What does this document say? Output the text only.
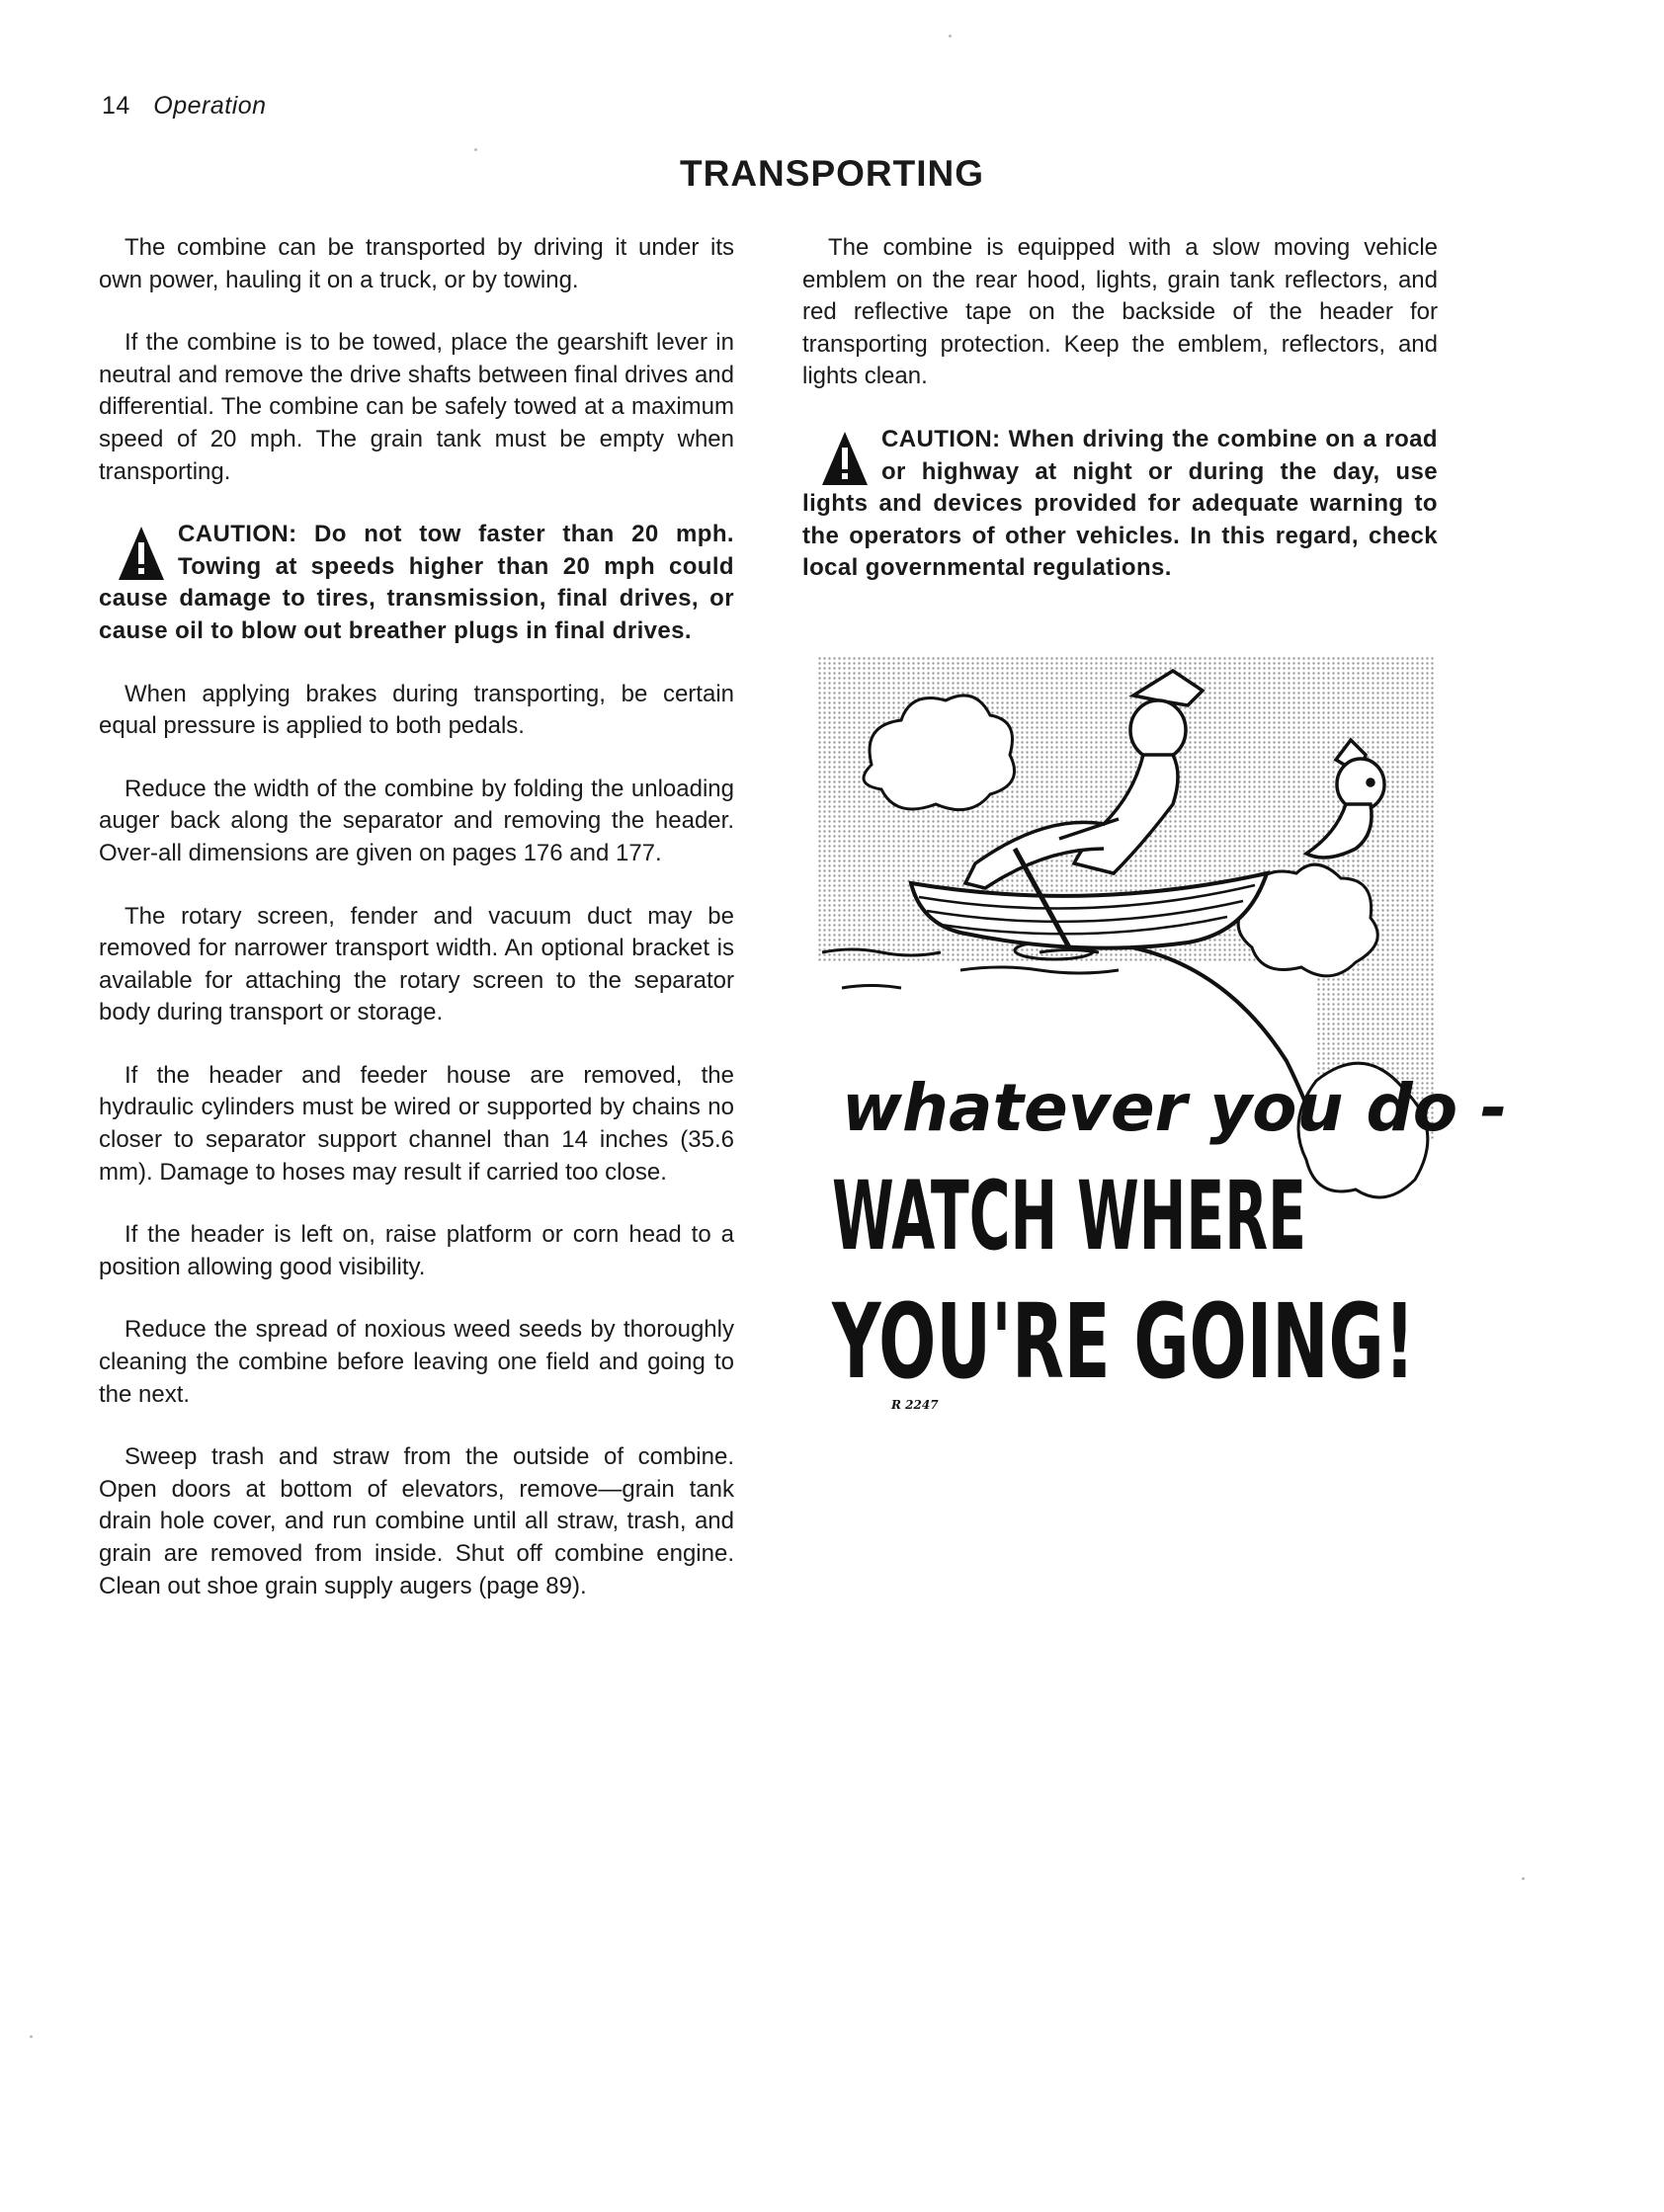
14 Operation
TRANSPORTING

The combine can be transported by driving it under its own power, hauling it on a truck, or by towing.

If the combine is to be towed, place the gearshift lever in neutral and remove the drive shafts between final drives and differential. The combine can be safely towed at a maximum speed of 20 mph. The grain tank must be empty when transporting.

CAUTION: Do not tow faster than 20 mph. Towing at speeds higher than 20 mph could cause damage to tires, transmission, final drives, or cause oil to blow out breather plugs in final drives.

When applying brakes during transporting, be certain equal pressure is applied to both pedals.

Reduce the width of the combine by folding the unloading auger back along the separator and removing the header. Over-all dimensions are given on pages 176 and 177.

The rotary screen, fender and vacuum duct may be removed for narrower transport width. An optional bracket is available for attaching the rotary screen to the separator body during transport or storage.

If the header and feeder house are removed, the hydraulic cylinders must be wired or supported by chains no closer to separator support channel than 14 inches (35.6 mm). Damage to hoses may result if carried too close.

If the header is left on, raise platform or corn head to a position allowing good visibility.

Reduce the spread of noxious weed seeds by thoroughly cleaning the combine before leaving one field and going to the next.

Sweep trash and straw from the outside of combine. Open doors at bottom of elevators, remove—grain tank drain hole cover, and run combine until all straw, trash, and grain are removed from inside. Shut off combine engine. Clean out shoe grain supply augers (page 89).

The combine is equipped with a slow moving vehicle emblem on the rear hood, lights, grain tank reflectors, and red reflective tape on the backside of the header for transporting protection. Keep the emblem, reflectors, and lights clean.

CAUTION: When driving the combine on a road or highway at night or during the day, use lights and devices provided for adequate warning to the operators of other vehicles. In this regard, check local governmental regulations.
whatever you do -
WATCH WHERE
YOU'RE GOING!
R 2247
